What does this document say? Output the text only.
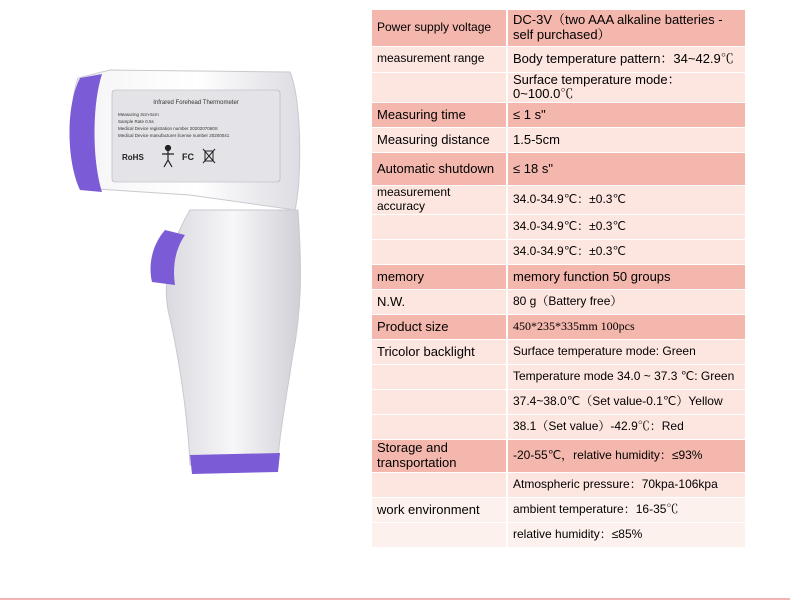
Infrared Forehead Thermometer
Measuring 3cm-5cm
Sample Rate 0.5s
Medical Device registration number 2020207060S
Medical Device manufacturer license number 20200041
RoHS	FC
Power supply voltage	DC-3V（two AAA alkaline batteries - self purchased）
measurement range	Body temperature pattern：34~42.9℃
	Surface temperature mode：0~100.0℃
Measuring time	≤ 1 s"
Measuring distance	1.5-5cm
Automatic shutdown	≤ 18 s"
measurement accuracy	34.0-34.9℃：±0.3℃
	34.0-34.9℃：±0.3℃
	34.0-34.9℃：±0.3℃
memory	memory function 50 groups
N.W.	80 g（Battery free）
Product size	450*235*335mm 100pcs
Tricolor backlight	Surface temperature mode: Green
	Temperature mode 34.0 ~ 37.3 ℃: Green
	37.4~38.0℃（Set value-0.1℃）Yellow
	38.1（Set value）-42.9℃：Red
Storage and transportation	-20-55℃，relative humidity：≤93%
	Atmospheric pressure：70kpa-106kpa
work environment	ambient temperature：16-35℃
	relative humidity：≤85%
